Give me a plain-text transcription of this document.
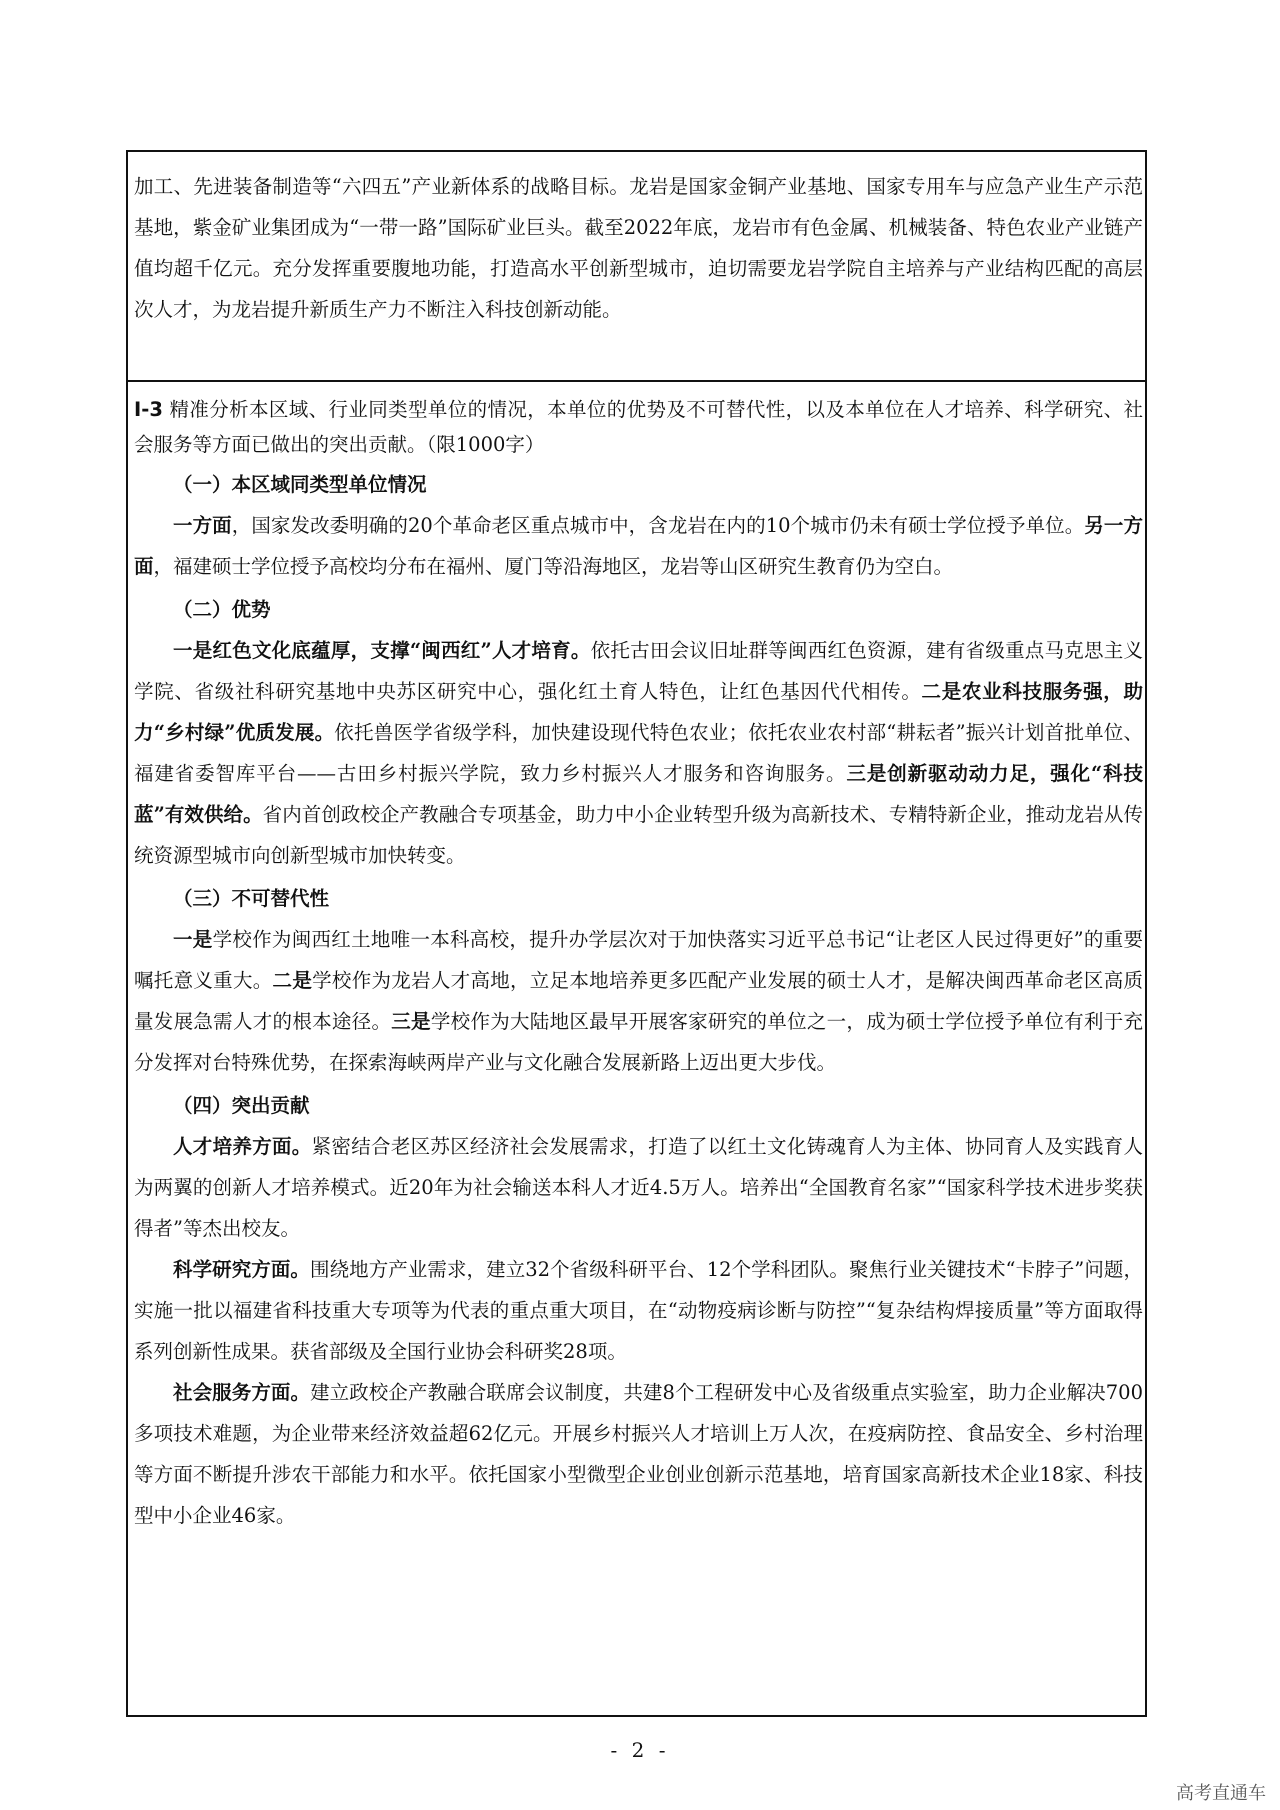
加工、先进装备制造等“六四五”产业新体系的战略目标。龙岩是国家金铜产业基地、国家专用车与应急产业生产示范基地，紫金矿业集团成为“一带一路”国际矿业巨头。截至2022年底，龙岩市有色金属、机械装备、特色农业产业链产值均超千亿元。充分发挥重要腹地功能，打造高水平创新型城市，迫切需要龙岩学院自主培养与产业结构匹配的高层次人才，为龙岩提升新质生产力不断注入科技创新动能。

I-3 精准分析本区域、行业同类型单位的情况，本单位的优势及不可替代性，以及本单位在人才培养、科学研究、社会服务等方面已做出的突出贡献。（限1000字）

（一）本区域同类型单位情况

一方面，国家发改委明确的20个革命老区重点城市中，含龙岩在内的10个城市仍未有硕士学位授予单位。另一方面，福建硕士学位授予高校均分布在福州、厦门等沿海地区，龙岩等山区研究生教育仍为空白。

（二）优势

一是红色文化底蕴厚，支撑“闽西红”人才培育。依托古田会议旧址群等闽西红色资源，建有省级重点马克思主义学院、省级社科研究基地中央苏区研究中心，强化红土育人特色，让红色基因代代相传。二是农业科技服务强，助力“乡村绿”优质发展。依托兽医学省级学科，加快建设现代特色农业；依托农业农村部“耕耘者”振兴计划首批单位、福建省委智库平台——古田乡村振兴学院，致力乡村振兴人才服务和咨询服务。三是创新驱动动力足，强化“科技蓝”有效供给。省内首创政校企产教融合专项基金，助力中小企业转型升级为高新技术、专精特新企业，推动龙岩从传统资源型城市向创新型城市加快转变。

（三）不可替代性

一是学校作为闽西红土地唯一本科高校，提升办学层次对于加快落实习近平总书记“让老区人民过得更好”的重要嘱托意义重大。二是学校作为龙岩人才高地，立足本地培养更多匹配产业发展的硕士人才，是解决闽西革命老区高质量发展急需人才的根本途径。三是学校作为大陆地区最早开展客家研究的单位之一，成为硕士学位授予单位有利于充分发挥对台特殊优势，在探索海峡两岸产业与文化融合发展新路上迈出更大步伐。

（四）突出贡献

人才培养方面。紧密结合老区苏区经济社会发展需求，打造了以红土文化铸魂育人为主体、协同育人及实践育人为两翼的创新人才培养模式。近20年为社会输送本科人才近4.5万人。培养出“全国教育名家”“国家科学技术进步奖获得者”等杰出校友。

科学研究方面。围绕地方产业需求，建立32个省级科研平台、12个学科团队。聚焦行业关键技术“卡脖子”问题，实施一批以福建省科技重大专项等为代表的重点重大项目，在“动物疫病诊断与防控”“复杂结构焊接质量”等方面取得系列创新性成果。获省部级及全国行业协会科研奖28项。

社会服务方面。建立政校企产教融合联席会议制度，共建8个工程研发中心及省级重点实验室，助力企业解决700多项技术难题，为企业带来经济效益超62亿元。开展乡村振兴人才培训上万人次，在疫病防控、食品安全、乡村治理等方面不断提升涉农干部能力和水平。依托国家小型微型企业创业创新示范基地，培育国家高新技术企业18家、科技型中小企业46家。

- 2 -
高考直通车
